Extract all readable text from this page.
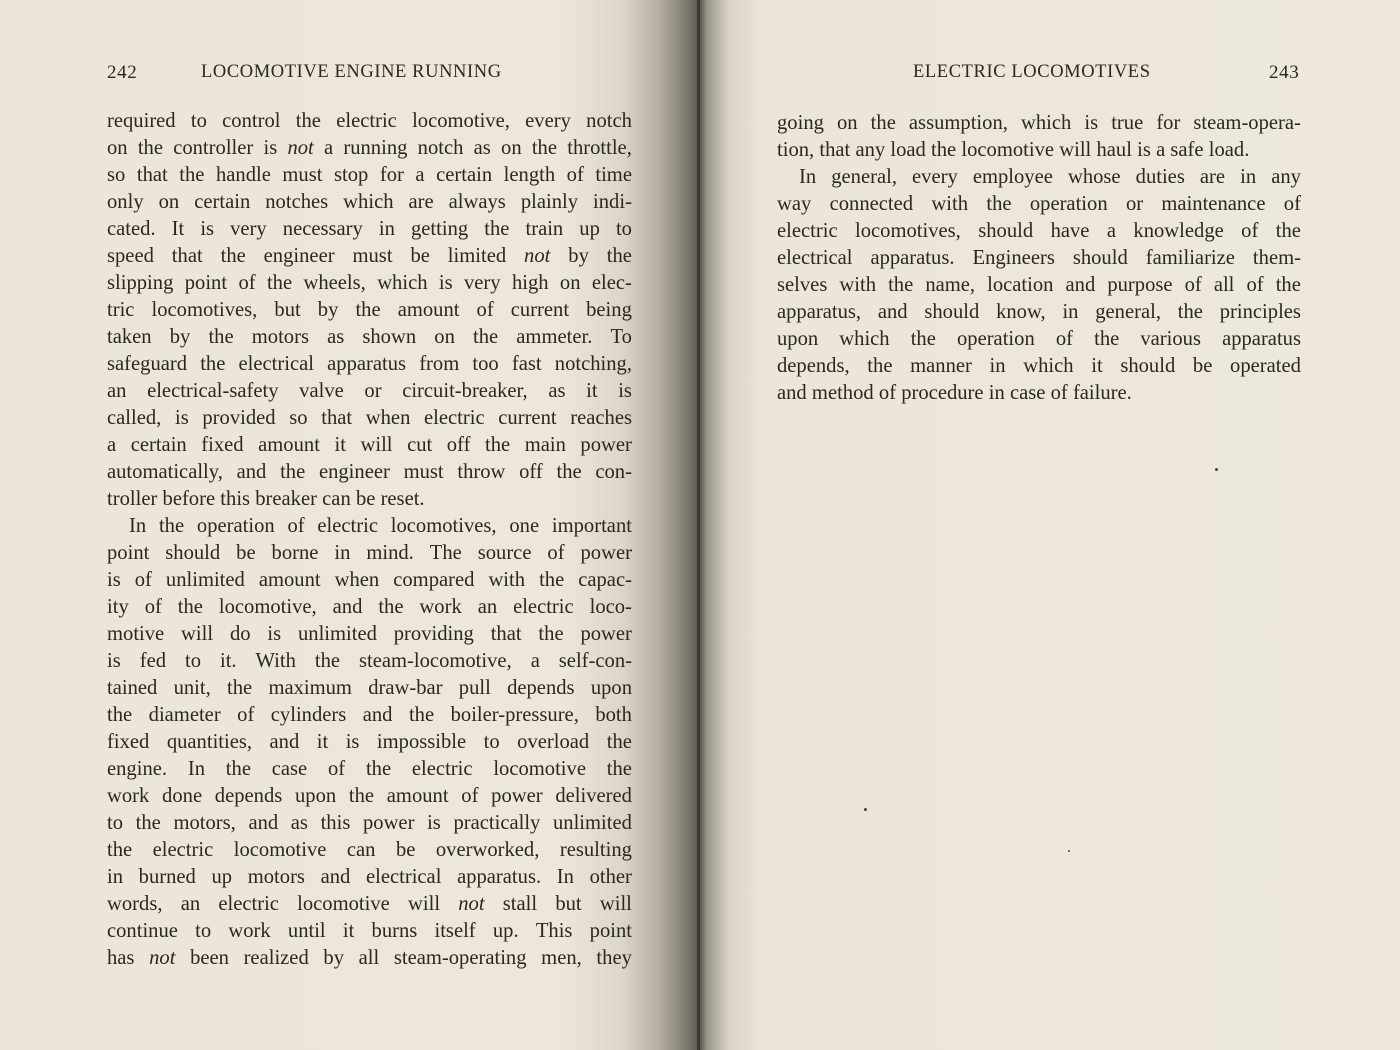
242	LOCOMOTIVE ENGINE RUNNING
required to control the electric locomotive, every notch
on the controller is not a running notch as on the throttle,
so that the handle must stop for a certain length of time
only on certain notches which are always plainly indi-
cated. It is very necessary in getting the train up to
speed that the engineer must be limited not by the
slipping point of the wheels, which is very high on elec-
tric locomotives, but by the amount of current being
taken by the motors as shown on the ammeter. To
safeguard the electrical apparatus from too fast notching,
an electrical-safety valve or circuit-breaker, as it is
called, is provided so that when electric current reaches
a certain fixed amount it will cut off the main power
automatically, and the engineer must throw off the con-
troller before this breaker can be reset.
In the operation of electric locomotives, one important
point should be borne in mind. The source of power
is of unlimited amount when compared with the capac-
ity of the locomotive, and the work an electric loco-
motive will do is unlimited providing that the power
is fed to it. With the steam-locomotive, a self-con-
tained unit, the maximum draw-bar pull depends upon
the diameter of cylinders and the boiler-pressure, both
fixed quantities, and it is impossible to overload the
engine. In the case of the electric locomotive the
work done depends upon the amount of power delivered
to the motors, and as this power is practically unlimited
the electric locomotive can be overworked, resulting
in burned up motors and electrical apparatus. In other
words, an electric locomotive will not stall but will
continue to work until it burns itself up. This point
has not been realized by all steam-operating men, they
ELECTRIC LOCOMOTIVES	243
going on the assumption, which is true for steam-opera-
tion, that any load the locomotive will haul is a safe load.
In general, every employee whose duties are in any
way connected with the operation or maintenance of
electric locomotives, should have a knowledge of the
electrical apparatus. Engineers should familiarize them-
selves with the name, location and purpose of all of the
apparatus, and should know, in general, the principles
upon which the operation of the various apparatus
depends, the manner in which it should be operated
and method of procedure in case of failure.
